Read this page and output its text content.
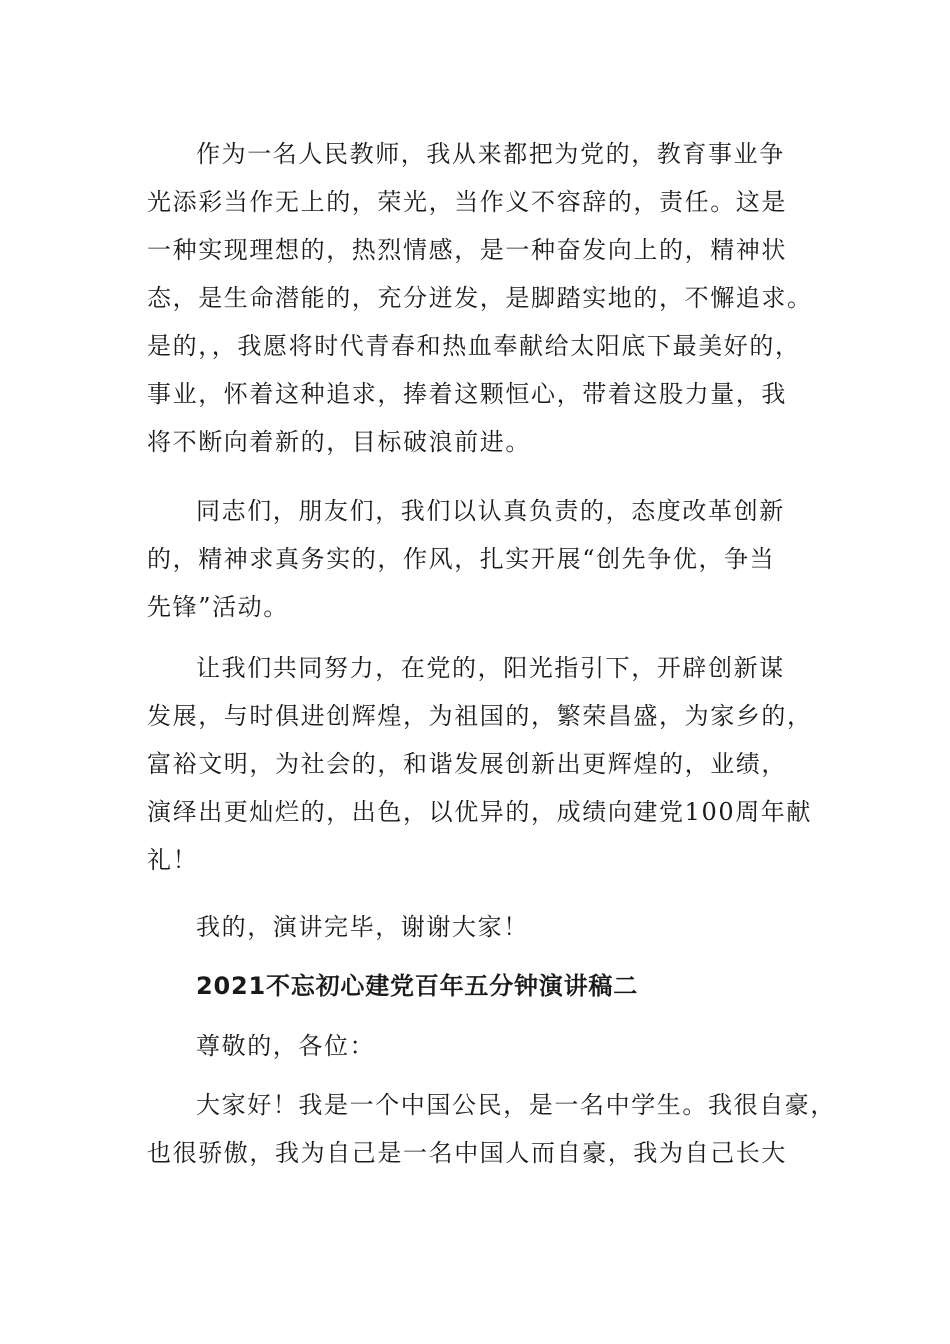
作为一名人民教师，我从来都把为党的，教育事业争
光添彩当作无上的，荣光，当作义不容辞的，责任。这是
一种实现理想的，热烈情感，是一种奋发向上的，精神状
态，是生命潜能的，充分迸发，是脚踏实地的，不懈追求。
是的，，我愿将时代青春和热血奉献给太阳底下最美好的，
事业，怀着这种追求，捧着这颗恒心，带着这股力量，我
将不断向着新的，目标破浪前进。
同志们，朋友们，我们以认真负责的，态度改革创新
的，精神求真务实的，作风，扎实开展“创先争优，争当
先锋”活动。
让我们共同努力，在党的，阳光指引下，开辟创新谋
发展，与时俱进创辉煌，为祖国的，繁荣昌盛，为家乡的，
富裕文明，为社会的，和谐发展创新出更辉煌的，业绩，
演绎出更灿烂的，出色，以优异的，成绩向建党100周年献
礼！
我的，演讲完毕，谢谢大家！
2021不忘初心建党百年五分钟演讲稿二
尊敬的，各位：
大家好！我是一个中国公民，是一名中学生。我很自豪，
也很骄傲，我为自己是一名中国人而自豪，我为自己长大
